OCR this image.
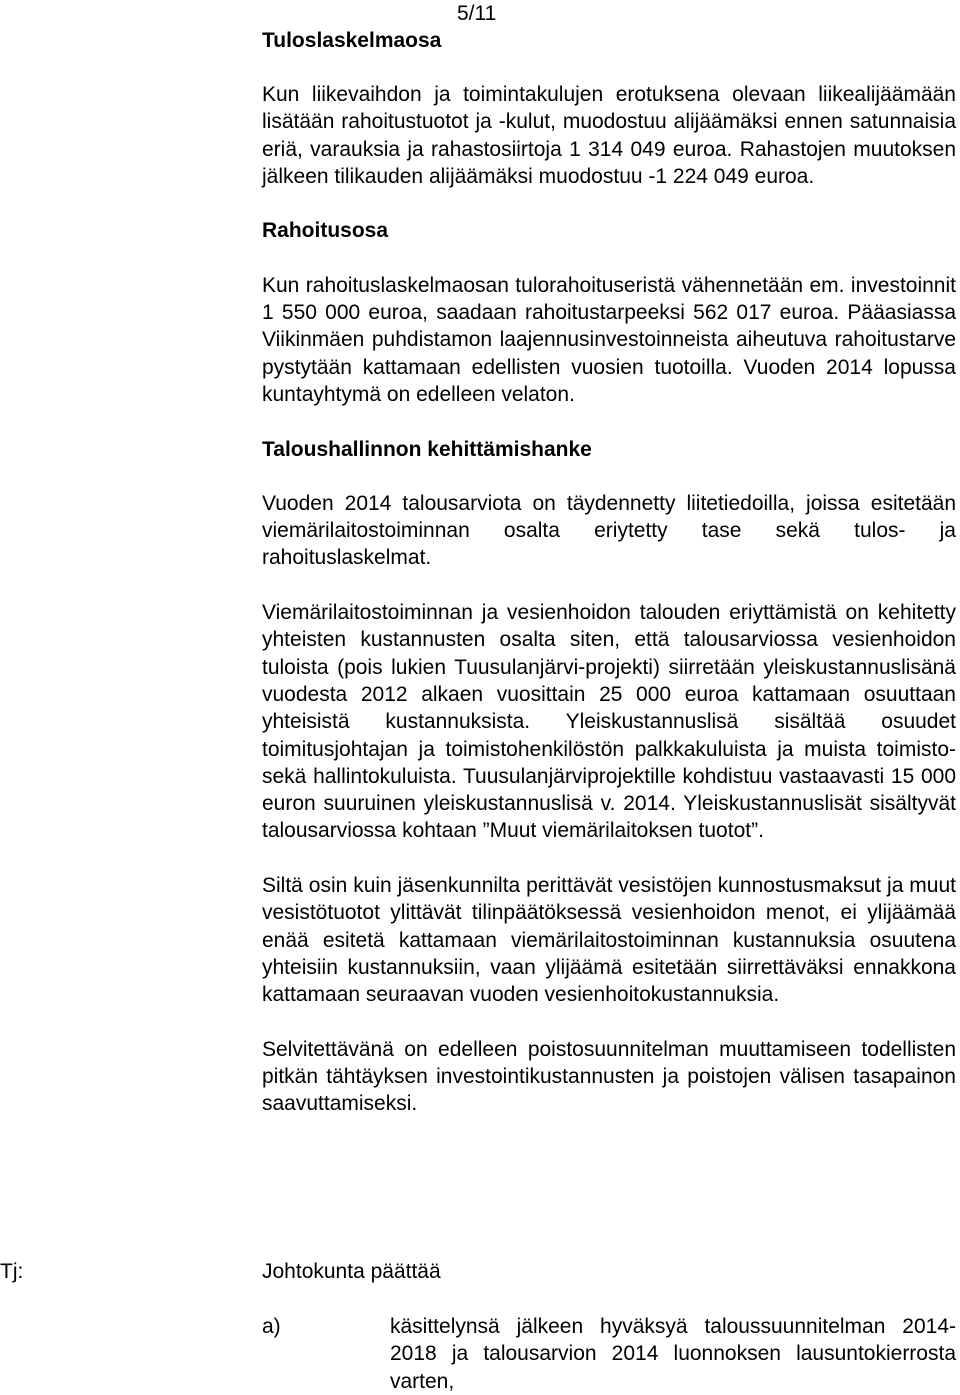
5/11
Tuloslaskelmaosa

Kun liikevaihdon ja toimintakulujen erotuksena olevaan liikealijäämään lisätään rahoitustuotot ja -kulut, muodostuu alijäämäksi ennen satunnaisia eriä, varauksia ja rahastosiirtoja 1 314 049 euroa. Rahastojen muutoksen jälkeen tilikauden alijäämäksi muodostuu -1 224 049 euroa.

Rahoitusosa

Kun rahoituslaskelmaosan tulorahoituseristä vähennetään em. investoinnit 1 550 000 euroa, saadaan rahoitustarpeeksi 562 017 euroa. Pääasiassa Viikinmäen puhdistamon laajennusinvestoinneista aiheutuva rahoitustarve pystytään kattamaan edellisten vuosien tuotoilla. Vuoden 2014 lopussa kuntayhtymä on edelleen velaton.

Taloushallinnon kehittämishanke

Vuoden 2014 talousarviota on täydennetty liitetiedoilla, joissa esitetään viemärilaitostoiminnan osalta eriytetty tase sekä tulos- ja rahoituslaskelmat.

Viemärilaitostoiminnan ja vesienhoidon talouden eriyttämistä on kehitetty yhteisten kustannusten osalta siten, että talousarviossa vesienhoidon tuloista (pois lukien Tuusulanjärvi-projekti) siirretään yleiskustannuslisänä vuodesta 2012 alkaen vuosittain 25 000 euroa kattamaan osuuttaan yhteisistä kustannuksista. Yleiskustannuslisä sisältää osuudet toimitusjohtajan ja toimistohenkilöstön palkkakuluista ja muista toimisto- sekä hallintokuluista. Tuusulanjärviprojektille kohdistuu vastaavasti 15 000 euron suuruinen yleiskustannuslisä v. 2014. Yleiskustannuslisät sisältyvät talousarviossa kohtaan ”Muut viemärilaitoksen tuotot”.

Siltä osin kuin jäsenkunnilta perittävät vesistöjen kunnostusmaksut ja muut vesistötuotot ylittävät tilinpäätöksessä vesienhoidon menot, ei ylijäämää enää esitetä kattamaan viemärilaitostoiminnan kustannuksia osuutena yhteisiin kustannuksiin, vaan ylijäämä esitetään siirrettäväksi ennakkona kattamaan seuraavan vuoden vesienhoitokustannuksia.

Selvitettävänä on edelleen poistosuunnitelman muuttamiseen todellisten pitkän tähtäyksen investointikustannusten ja poistojen välisen tasapainon saavuttamiseksi.

Tj:	Johtokunta päättää
a)	käsittelynsä jälkeen hyväksyä taloussuunnitelman 2014-2018 ja talousarvion 2014 luonnoksen lausuntokierrosta varten,
